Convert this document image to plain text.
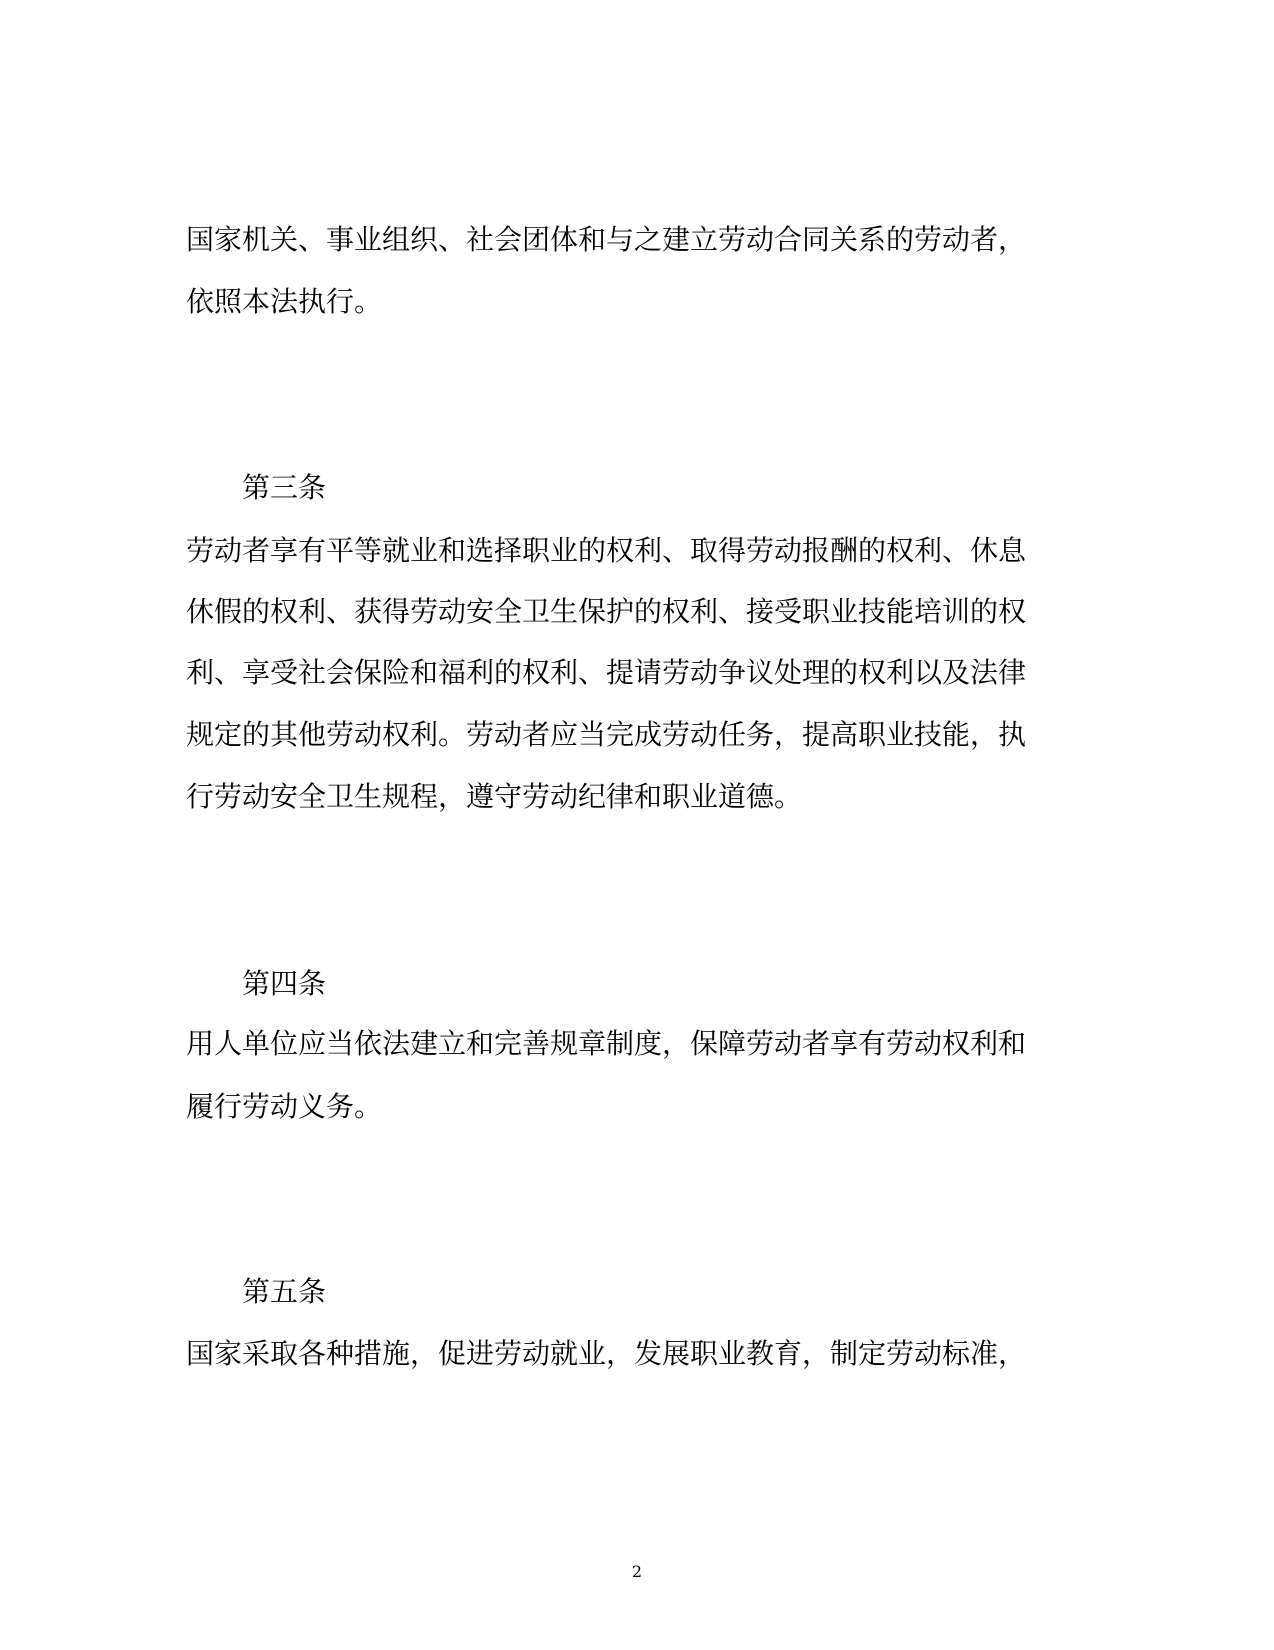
国家机关、事业组织、社会团体和与之建立劳动合同关系的劳动者，
依照本法执行。
第三条
劳动者享有平等就业和选择职业的权利、取得劳动报酬的权利、休息
休假的权利、获得劳动安全卫生保护的权利、接受职业技能培训的权
利、享受社会保险和福利的权利、提请劳动争议处理的权利以及法律
规定的其他劳动权利。劳动者应当完成劳动任务，提高职业技能，执
行劳动安全卫生规程，遵守劳动纪律和职业道德。
第四条
用人单位应当依法建立和完善规章制度，保障劳动者享有劳动权利和
履行劳动义务。
第五条
国家采取各种措施，促进劳动就业，发展职业教育，制定劳动标准，
2
